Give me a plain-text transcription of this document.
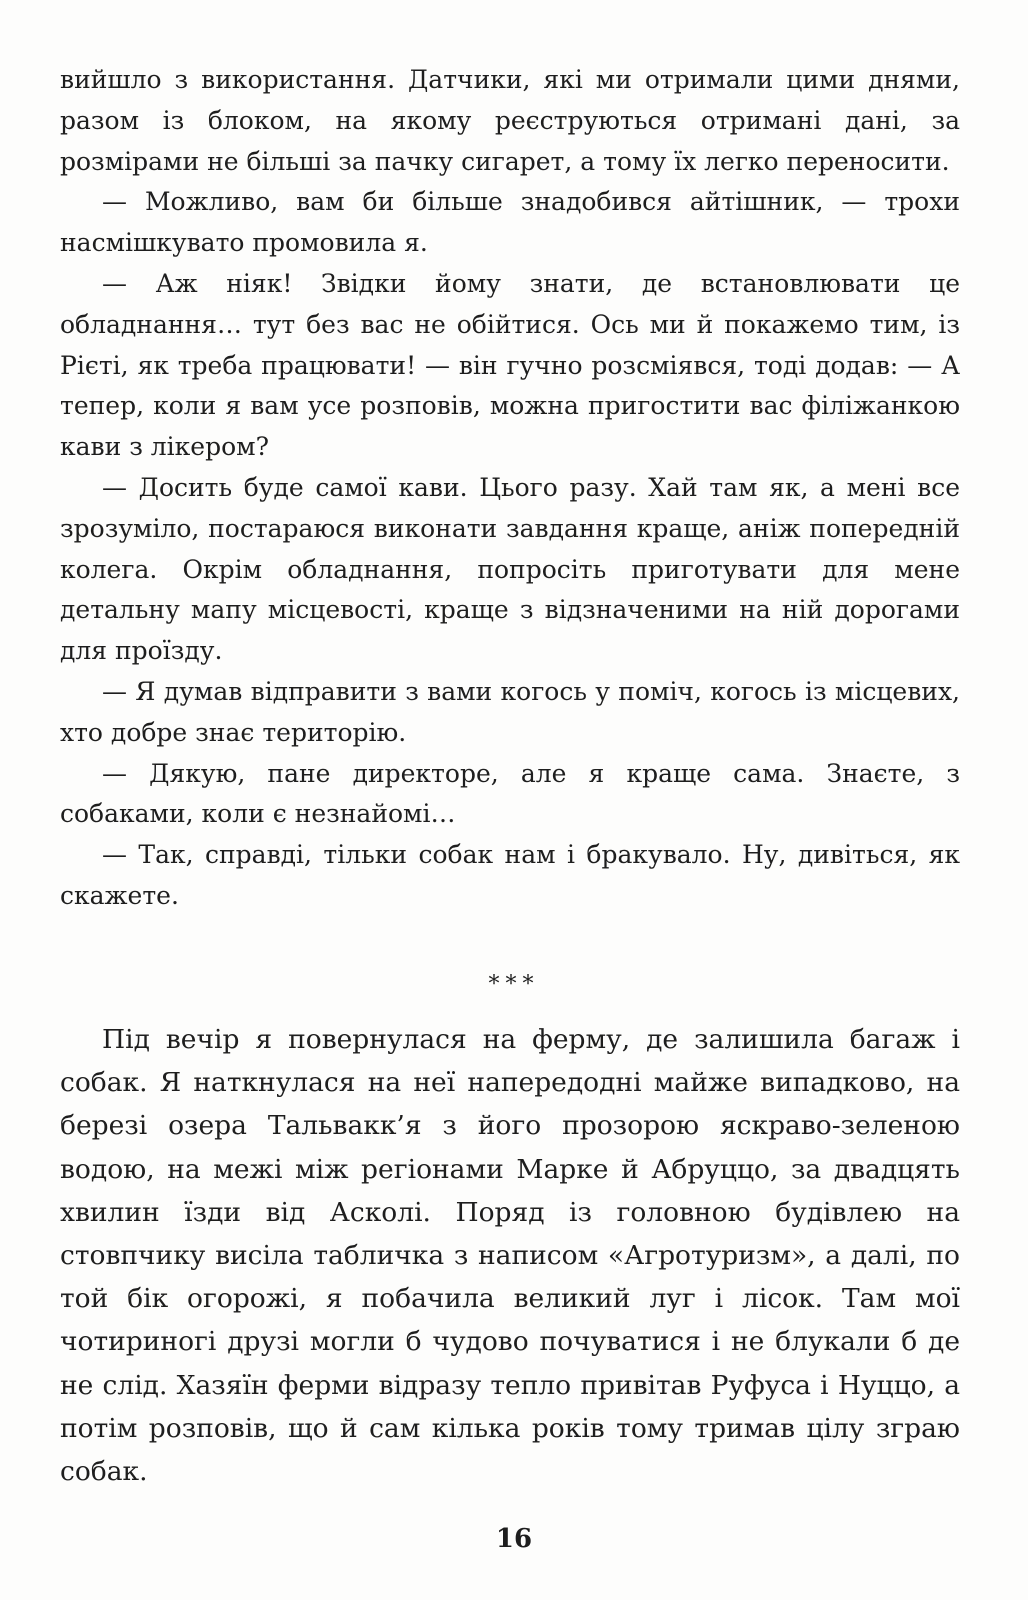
вийшло з використання. Датчики, які ми отримали цими днями, разом із блоком, на якому реєструються отримані дані, за розмірами не більші за пачку сигарет, а тому їх легко переносити.

— Можливо, вам би більше знадобився айтішник, — трохи насмішкувато промовила я.

— Аж ніяк! Звідки йому знати, де встановлювати це обладнання… тут без вас не обійтися. Ось ми й покажемо тим, із Рієті, як треба працювати! — він гучно розсміявся, тоді додав: — А тепер, коли я вам усе розповів, можна пригостити вас філіжанкою кави з лікером?

— Досить буде самої кави. Цього разу. Хай там як, а мені все зрозуміло, постараюся виконати завдання краще, аніж попередній колега. Окрім обладнання, попросіть приготувати для мене детальну мапу місцевості, краще з відзначеними на ній дорогами для проїзду.

— Я думав відправити з вами когось у поміч, когось із місцевих, хто добре знає територію.

— Дякую, пане директоре, але я краще сама. Знаєте, з собаками, коли є незнайомі…

— Так, справді, тільки собак нам і бракувало. Ну, дивіться, як скажете.

***

Під вечір я повернулася на ферму, де залишила багаж і собак. Я наткнулася на неї напередодні майже випадково, на березі озера Тальвакк’я з його прозорою яскраво-зеленою водою, на межі між регіонами Марке й Абруццо, за двадцять хвилин їзди від Асколі. Поряд із головною будівлею на стовпчику висіла табличка з написом «Агротуризм», а далі, по той бік огорожі, я побачила великий луг і лісок. Там мої чотириногі друзі могли б чудово почуватися і не блукали б де не слід. Хазяїн ферми відразу тепло привітав Руфуса і Нуццо, а потім розповів, що й сам кілька років тому тримав цілу зграю собак.

16
